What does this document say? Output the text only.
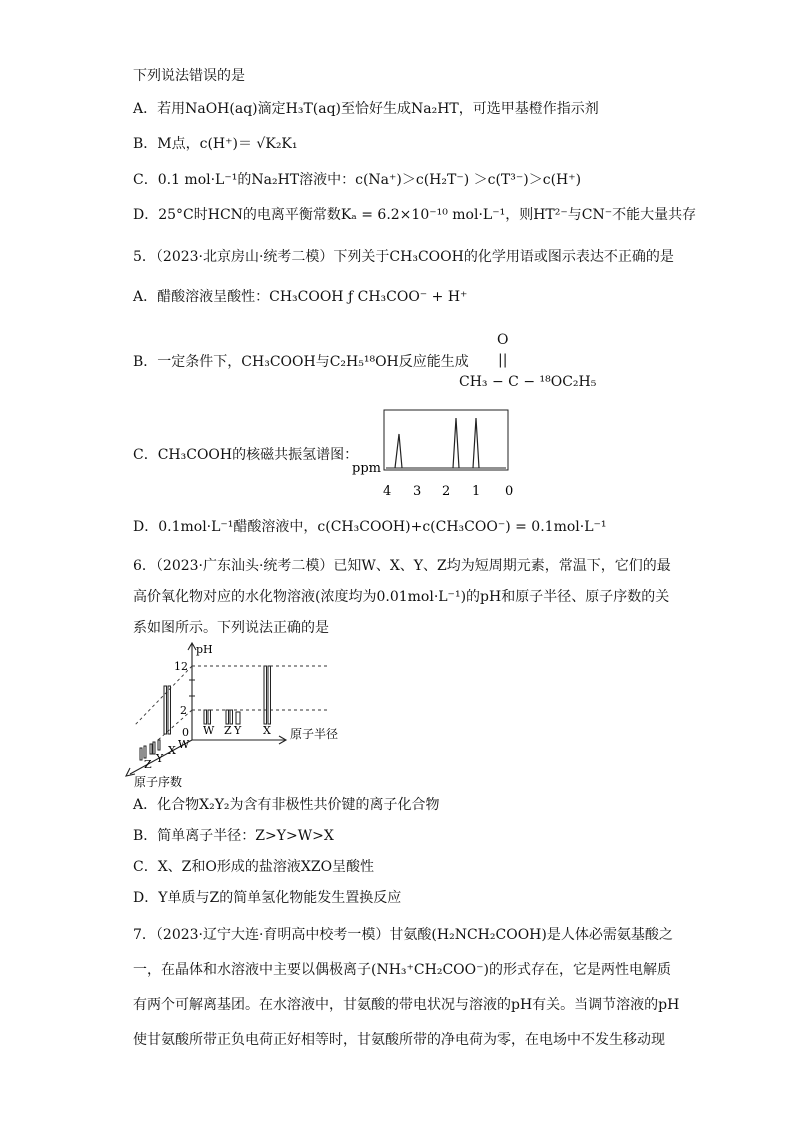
下列说法错误的是
A．若用NaOH(aq)滴定H₃T(aq)至恰好生成Na₂HT，可选甲基橙作指示剂
B．M点，c(H⁺)＝ √K₂K₁
C．0.1 mol·L⁻¹的Na₂HT溶液中：c(Na⁺)＞c(H₂T⁻) ＞c(T³⁻)＞c(H⁺)
D．25°C时HCN的电离平衡常数Kₐ = 6.2×10⁻¹⁰ mol·L⁻¹，则HT²⁻与CN⁻不能大量共存
5．（2023·北京房山·统考二模）下列关于CH₃COOH的化学用语或图示表达不正确的是
A．醋酸溶液呈酸性：CH₃COOH ƒ CH₃COO⁻ + H⁺
B．一定条件下，CH₃COOH与C₂H₅¹⁸OH反应能生成
O
||
CH₃ − C − ¹⁸OC₂H₅
C．CH₃COOH的核磁共振氢谱图：
ppm
4 3 2 1 0
D．0.1mol·L⁻¹醋酸溶液中，c(CH₃COOH)+c(CH₃COO⁻) = 0.1mol·L⁻¹
6．（2023·广东汕头·统考二模）已知W、X、Y、Z均为短周期元素，常温下，它们的最
高价氧化物对应的水化物溶液(浓度均为0.01mol·L⁻¹)的pH和原子半径、原子序数的关
系如图所示。下列说法正确的是
12
2
0
pH
W Z Y X 原子半径
W
X
Y
Z
原子序数
A．化合物X₂Y₂为含有非极性共价键的离子化合物
B．简单离子半径：Z>Y>W>X
C．X、Z和O形成的盐溶液XZO呈酸性
D．Y单质与Z的简单氢化物能发生置换反应
7．（2023·辽宁大连·育明高中校考一模）甘氨酸(H₂NCH₂COOH)是人体必需氨基酸之
一，在晶体和水溶液中主要以偶极离子(NH₃⁺CH₂COO⁻)的形式存在，它是两性电解质
有两个可解离基团。在水溶液中，甘氨酸的带电状况与溶液的pH有关。当调节溶液的pH
使甘氨酸所带正负电荷正好相等时，甘氨酸所带的净电荷为零，在电场中不发生移动现
